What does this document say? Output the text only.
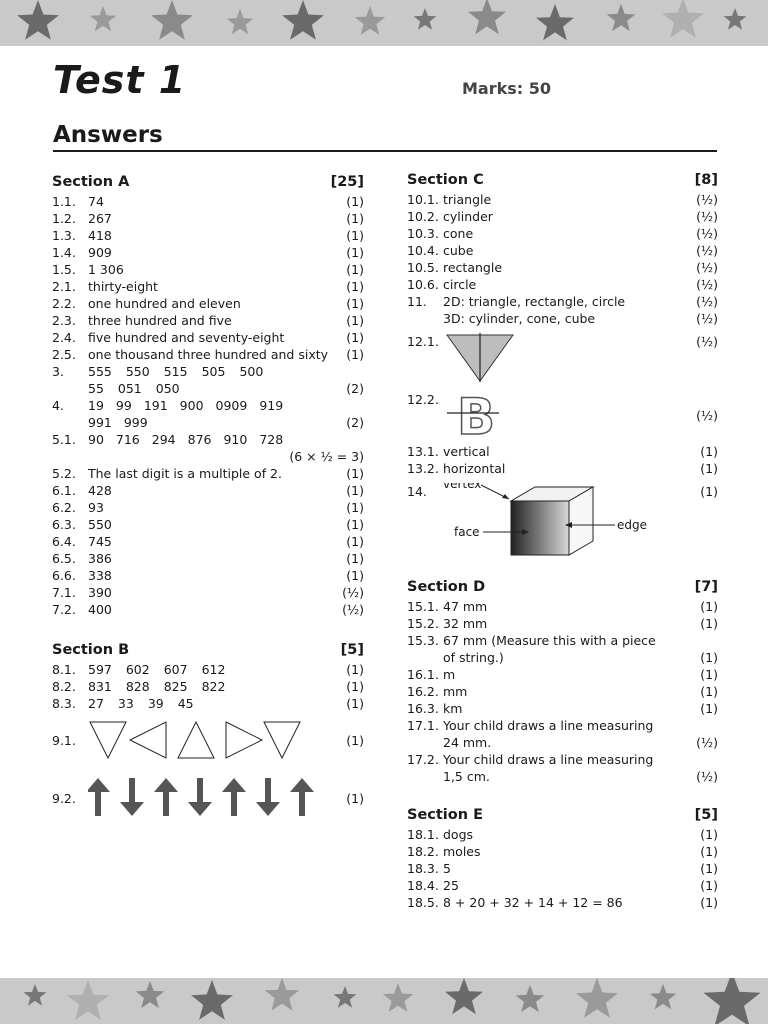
Test 1	Marks: 50
Answers
Section A	[25]
1.1. 74	(1)
1.2. 267	(1)
1.3. 418	(1)
1.4. 909	(1)
1.5. 1 306	(1)
2.1. thirty-eight	(1)
2.2. one hundred and eleven	(1)
2.3. three hundred and five	(1)
2.4. five hundred and seventy-eight	(1)
2.5. one thousand three hundred and sixty	(1)
3.	555 550 515 505 500
55 051 050	(2)
4.	19 99 191 900 0909 919
991 999	(2)
5.1. 90 716 294 876 910 728
(6 × ½ = 3)
5.2. The last digit is a multiple of 2.	(1)
6.1. 428	(1)
6.2. 93	(1)
6.3. 550	(1)
6.4. 745	(1)
6.5. 386	(1)
6.6. 338	(1)
7.1. 390	(½)
7.2. 400	(½)
Section B	[5]
8.1. 597 602 607 612	(1)
8.2. 831 828 825 822	(1)
8.3. 27 33 39 45	(1)
9.1.	(1)
9.2.	(1)
Section C	[8]
10.1. triangle	(½)
10.2. cylinder	(½)
10.3. cone	(½)
10.4. cube	(½)
10.5. rectangle	(½)
10.6. circle	(½)
11.	2D: triangle, rectangle, circle	(½)
3D: cylinder, cone, cube	(½)
12.1.	(½)
12.2. B	(½)
13.1. vertical	(1)
13.2. horizontal	(1)
14.	vertex
face	edge
(1)
Section D	[7]
15.1. 47 mm	(1)
15.2. 32 mm	(1)
15.3. 67 mm (Measure this with a piece
of string.)	(1)
16.1. m	(1)
16.2. mm	(1)
16.3. km	(1)
17.1. Your child draws a line measuring
24 mm.	(½)
17.2. Your child draws a line measuring
1,5 cm.	(½)
Section E	[5]
18.1. dogs	(1)
18.2. moles	(1)
18.3. 5	(1)
18.4. 25	(1)
18.5. 8 + 20 + 32 + 14 + 12 = 86	(1)
